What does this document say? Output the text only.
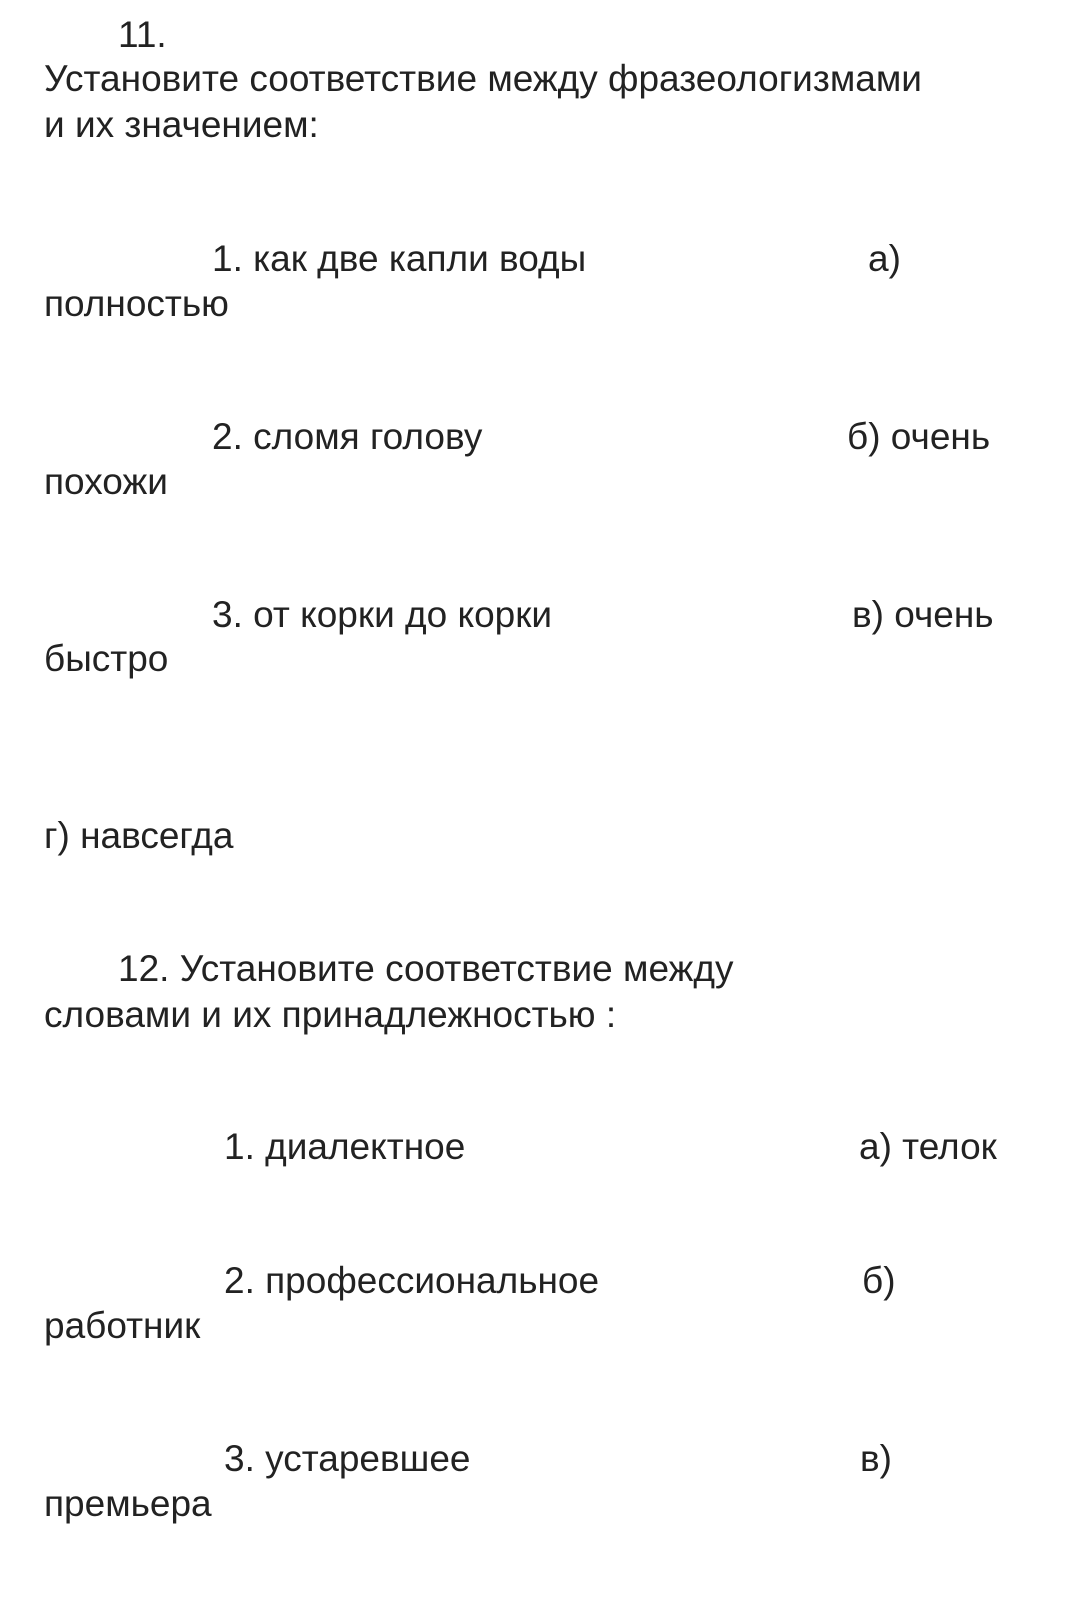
11.
Установите соответствие между фразеологизмами
и их значением:
1. как две капли воды	а)
полностью
2. сломя голову	б) очень
похожи
3. от корки до корки	в) очень
быстро
г) навсегда
12. Установите соответствие между
словами и их принадлежностью :
1. диалектное	а) телок
2. профессиональное	б)
работник
3. устаревшее	в)
премьера
